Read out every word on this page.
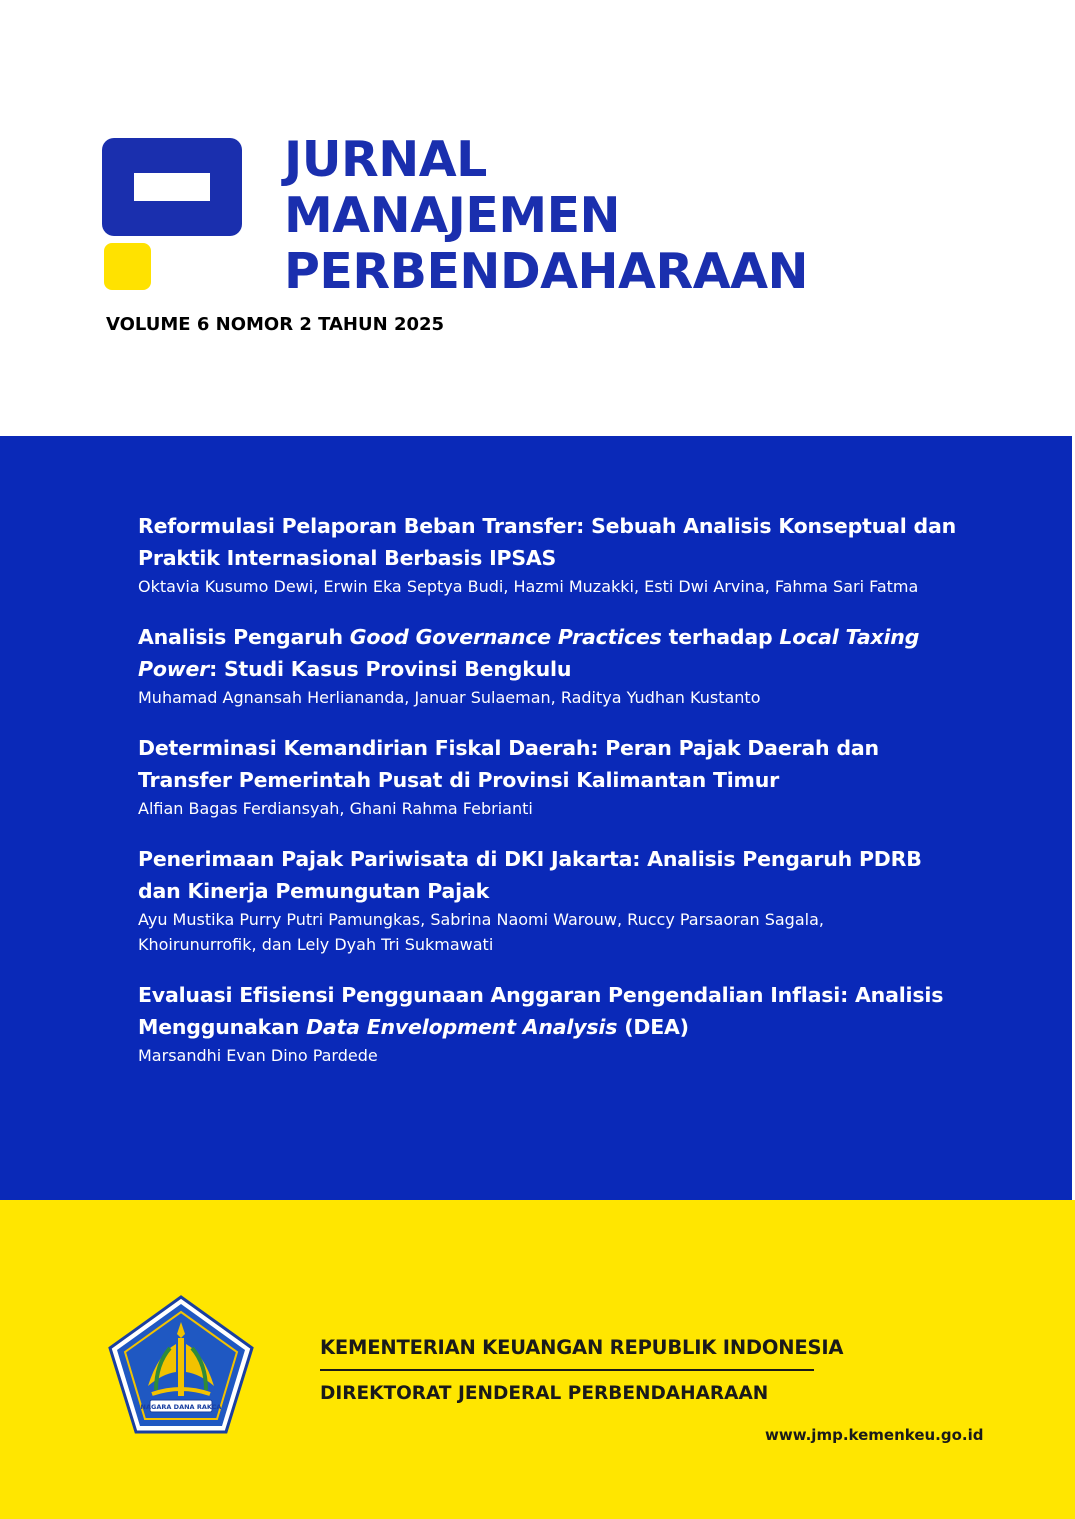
JURNAL
MANAJEMEN
PERBENDAHARAAN

VOLUME 6 NOMOR 2 TAHUN 2025

Reformulasi Pelaporan Beban Transfer: Sebuah Analisis Konseptual dan Praktik Internasional Berbasis IPSAS
Oktavia Kusumo Dewi, Erwin Eka Septya Budi, Hazmi Muzakki, Esti Dwi Arvina, Fahma Sari Fatma
Analisis Pengaruh Good Governance Practices terhadap Local Taxing Power: Studi Kasus Provinsi Bengkulu
Muhamad Agnansah Herliananda, Januar Sulaeman, Raditya Yudhan Kustanto
Determinasi Kemandirian Fiskal Daerah: Peran Pajak Daerah dan Transfer Pemerintah Pusat di Provinsi Kalimantan Timur
Alfian Bagas Ferdiansyah, Ghani Rahma Febrianti
Penerimaan Pajak Pariwisata di DKI Jakarta: Analisis Pengaruh PDRB dan Kinerja Pemungutan Pajak
Ayu Mustika Purry Putri Pamungkas, Sabrina Naomi Warouw, Ruccy Parsaoran Sagala,
Khoirunurrofik, dan Lely Dyah Tri Sukmawati
Evaluasi Efisiensi Penggunaan Anggaran Pengendalian Inflasi: Analisis Menggunakan Data Envelopment Analysis (DEA)
Marsandhi Evan Dino Pardede
NAGARA DANA RAKCA

KEMENTERIAN KEUANGAN REPUBLIK INDONESIA

DIREKTORAT JENDERAL PERBENDAHARAAN

www.jmp.kemenkeu.go.id
